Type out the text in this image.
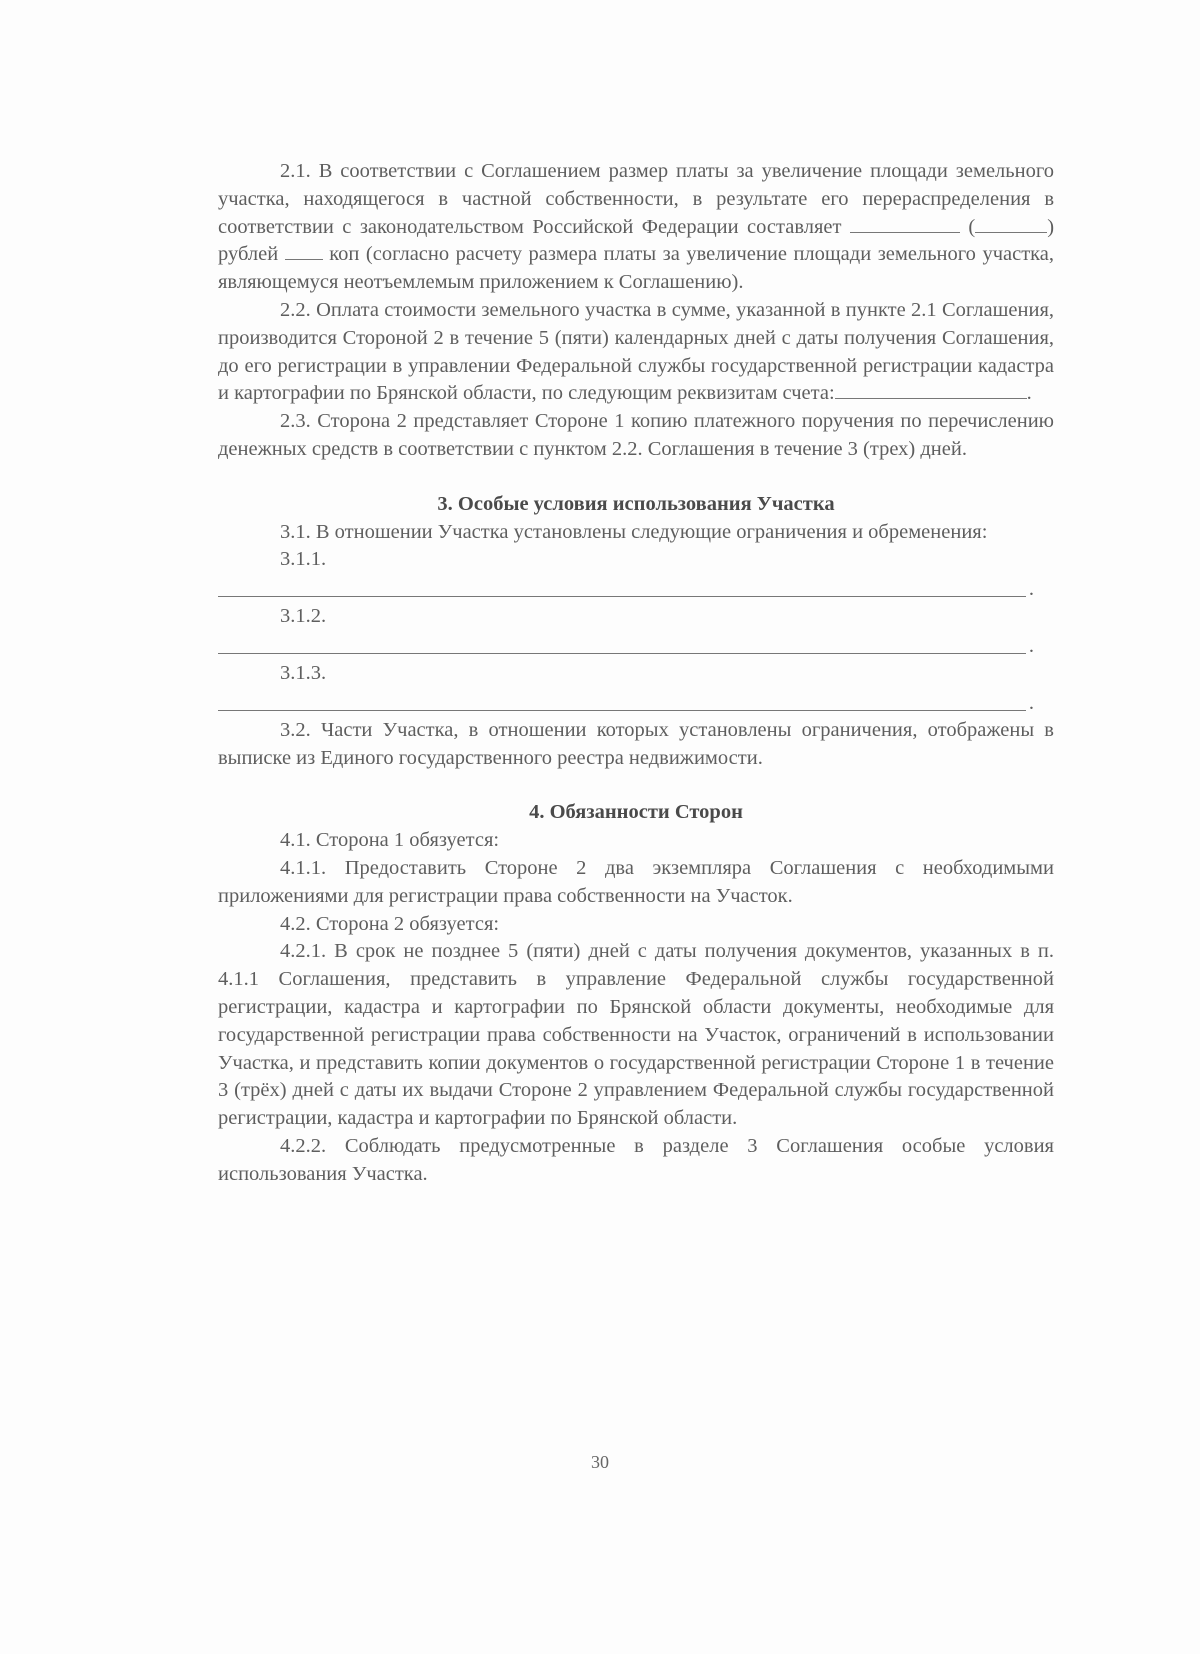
2.1. В соответствии с Соглашением размер платы за увеличение площади земельного участка, находящегося в частной собственности, в результате его перераспределения в соответствии с законодательством Российской Федерации составляет	(	) рублей коп (согласно расчету размера платы за увеличение площади земельного участка, являющемуся неотъемлемым приложением к Соглашению).

2.2. Оплата стоимости земельного участка в сумме, указанной в пункте 2.1 Соглашения, производится Стороной 2 в течение 5 (пяти) календарных дней с даты получения Соглашения, до его регистрации в управлении Федеральной службы государственной регистрации кадастра и картографии по Брянской области, по следующим реквизитам счета:	.

2.3. Сторона 2 представляет Стороне 1 копию платежного поручения по перечислению денежных средств в соответствии с пунктом 2.2. Соглашения в течение 3 (трех) дней.

3. Особые условия использования Участка

3.1. В отношении Участка установлены следующие ограничения и обременения:

3.1.1.
.
3.1.2.
.
3.1.3.
.

3.2. Части Участка, в отношении которых установлены ограничения, отображены в выписке из Единого государственного реестра недвижимости.

4. Обязанности Сторон

4.1. Сторона 1 обязуется:

4.1.1. Предоставить Стороне 2 два экземпляра Соглашения с необходимыми приложениями для регистрации права собственности на Участок.

4.2. Сторона 2 обязуется:

4.2.1. В срок не позднее 5 (пяти) дней с даты получения документов, указанных в п. 4.1.1 Соглашения, представить в управление Федеральной службы государственной регистрации, кадастра и картографии по Брянской области документы, необходимые для государственной регистрации права собственности на Участок, ограничений в использовании Участка, и представить копии документов о государственной регистрации Стороне 1 в течение 3 (трёх) дней с даты их выдачи Стороне 2 управлением Федеральной службы государственной регистрации, кадастра и картографии по Брянской области.

4.2.2. Соблюдать предусмотренные в разделе 3 Соглашения особые условия использования Участка.

30
